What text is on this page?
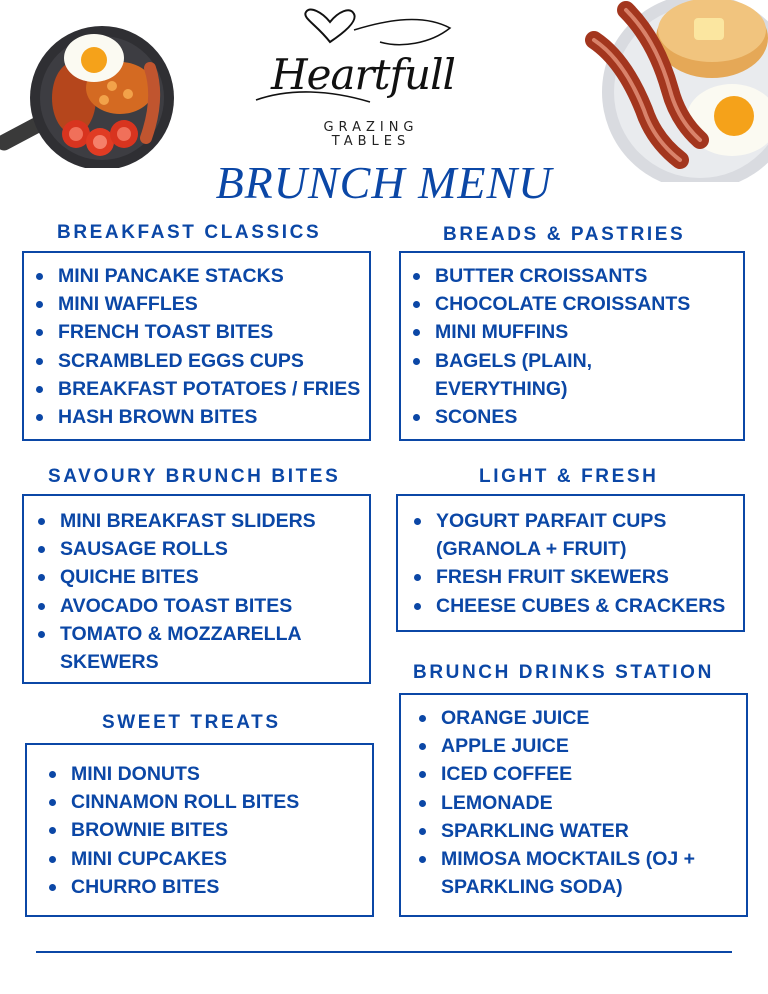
Heartfull
GRAZING
TABLES
BRUNCH MENU
BREAKFAST CLASSICS
MINI PANCAKE STACKS
MINI WAFFLES
FRENCH TOAST BITES
SCRAMBLED EGGS CUPS
BREAKFAST POTATOES / FRIES
HASH BROWN BITES
BREADS & PASTRIES
BUTTER CROISSANTS
CHOCOLATE CROISSANTS
MINI MUFFINS
BAGELS (PLAIN,
EVERYTHING)
SCONES
SAVOURY BRUNCH BITES
MINI BREAKFAST SLIDERS
SAUSAGE ROLLS
QUICHE BITES
AVOCADO TOAST BITES
TOMATO & MOZZARELLA
SKEWERS
LIGHT & FRESH
YOGURT PARFAIT CUPS
(GRANOLA + FRUIT)
FRESH FRUIT SKEWERS
CHEESE CUBES & CRACKERS
SWEET TREATS
MINI DONUTS
CINNAMON ROLL BITES
BROWNIE BITES
MINI CUPCAKES
CHURRO BITES
BRUNCH DRINKS STATION
ORANGE JUICE
APPLE JUICE
ICED COFFEE
LEMONADE
SPARKLING WATER
MIMOSA MOCKTAILS (OJ +
SPARKLING SODA)
